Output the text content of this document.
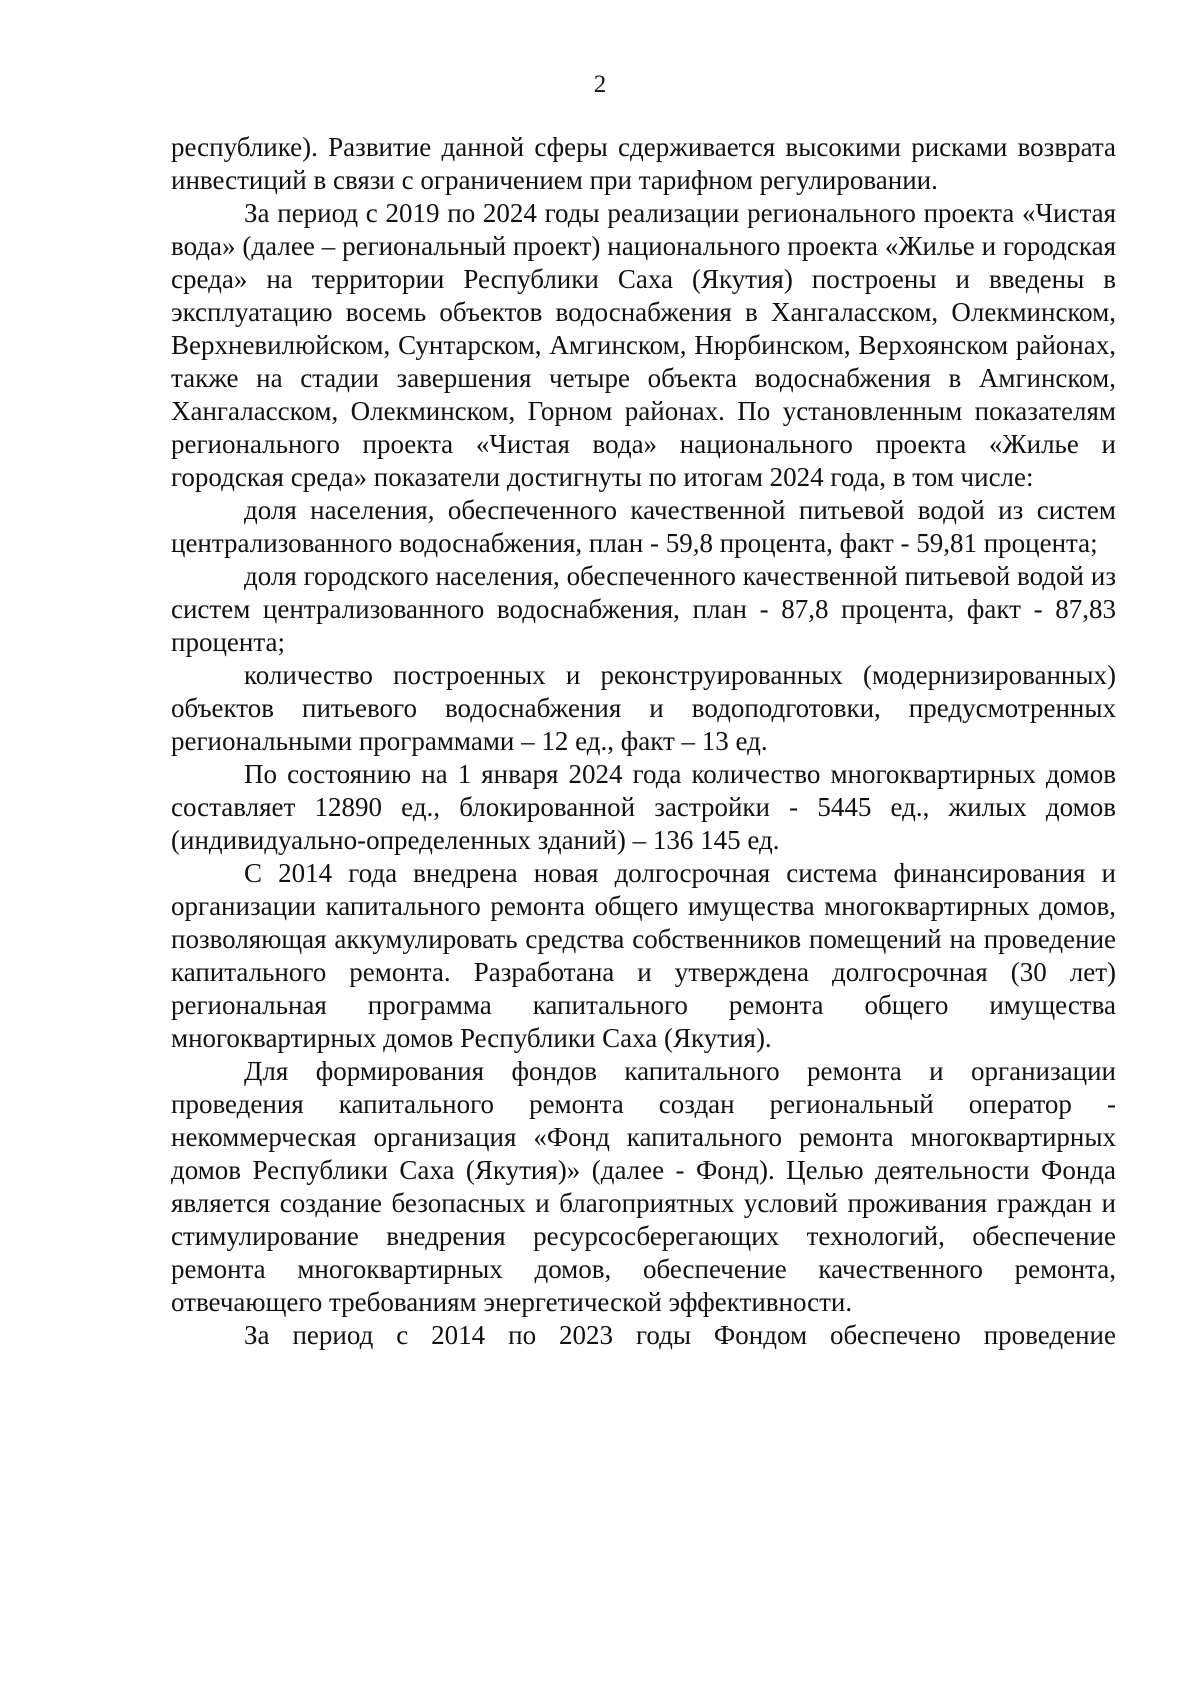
2

республике). Развитие данной сферы сдерживается высокими рисками возврата инвестиций в связи с ограничением при тарифном регулировании.

За период с 2019 по 2024 годы реализации регионального проекта «Чистая вода» (далее – региональный проект) национального проекта «Жилье и городская среда» на территории Республики Саха (Якутия) построены и введены в эксплуатацию восемь объектов водоснабжения в Хангаласском, Олекминском, Верхневилюйском, Сунтарском, Амгинском, Нюрбинском, Верхоянском районах, также на стадии завершения четыре объекта водоснабжения в Амгинском, Хангаласском, Олекминском, Горном районах. По установленным показателям регионального проекта «Чистая вода» национального проекта «Жилье и городская среда» показатели достигнуты по итогам 2024 года, в том числе:

доля населения, обеспеченного качественной питьевой водой из систем централизованного водоснабжения, план - 59,8 процента, факт - 59,81 процента;

доля городского населения, обеспеченного качественной питьевой водой из систем централизованного водоснабжения, план - 87,8 процента, факт - 87,83 процента;

количество построенных и реконструированных (модернизированных) объектов питьевого водоснабжения и водоподготовки, предусмотренных региональными программами – 12 ед., факт – 13 ед.

По состоянию на 1 января 2024 года количество многоквартирных домов составляет 12890 ед., блокированной застройки - 5445 ед., жилых домов (индивидуально-определенных зданий) – 136 145 ед.

С 2014 года внедрена новая долгосрочная система финансирования и организации капитального ремонта общего имущества многоквартирных домов, позволяющая аккумулировать средства собственников помещений на проведение капитального ремонта. Разработана и утверждена долгосрочная (30 лет) региональная программа капитального ремонта общего имущества многоквартирных домов Республики Саха (Якутия).

Для формирования фондов капитального ремонта и организации проведения капитального ремонта создан региональный оператор - некоммерческая организация «Фонд капитального ремонта многоквартирных домов Республики Саха (Якутия)» (далее - Фонд). Целью деятельности Фонда является создание безопасных и благоприятных условий проживания граждан и стимулирование внедрения ресурсосберегающих технологий, обеспечение ремонта многоквартирных домов, обеспечение качественного ремонта, отвечающего требованиям энергетической эффективности.

За период с 2014 по 2023 годы Фондом обеспечено проведение
